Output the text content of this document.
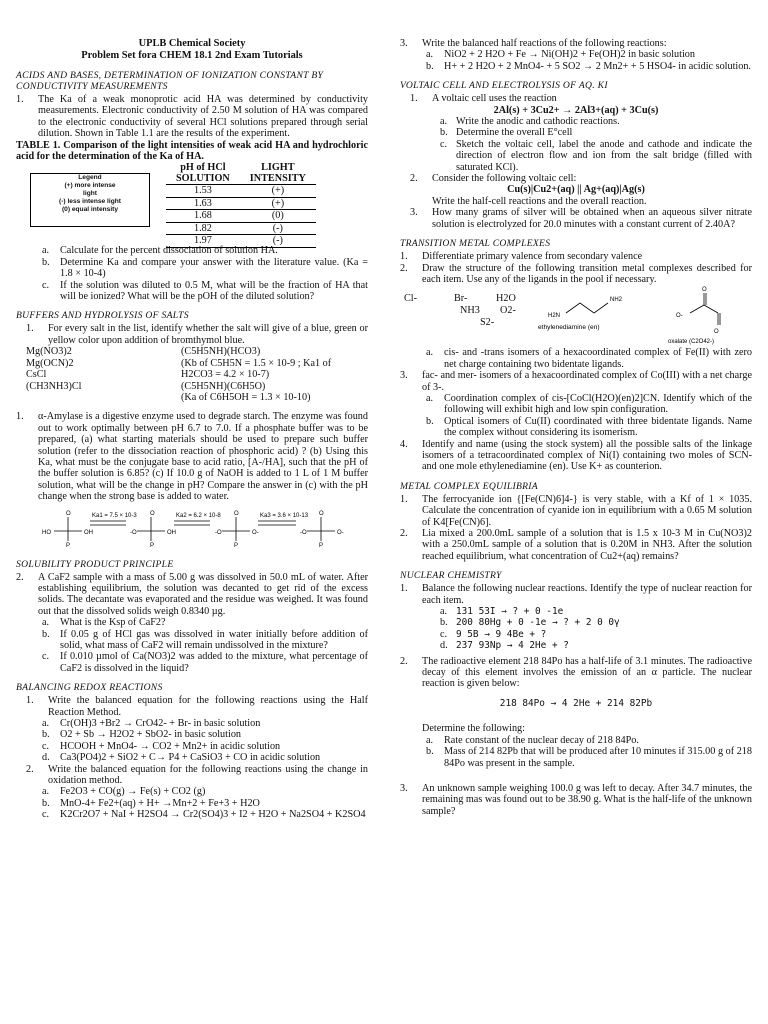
UPLB Chemical Society
Problem Set fora CHEM 18.1 2nd Exam Tutorials
ACIDS AND BASES, DETERMINATION OF IONIZATION CONSTANT BY CONDUCTIVITY MEASUREMENTS
1.	The Ka of a weak monoprotic acid HA was determined by conductivity measurements. Electronic conductivity of 2.50 M solution of HA was compared to the electronic conductivity of several HCl solutions prepared through serial dilution. Shown in Table 1.1 are the results of the experiment.
TABLE 1. Comparison of the light intensities of weak acid HA and hydrochloric acid for the determination of the Ka of HA.
Legend
(+) more intense
light
(-) less intense light
(0) equal intensity
pH of HCl	LIGHT
SOLUTION	INTENSITY
1.53	(+)
1.63	(+)
1.68	(0)
1.82	(-)
1.97	(-)
a.	Calculate for the percent dissociation of solution HA.
b.	Determine Ka and compare your answer with the literature value. (Ka = 1.8 × 10-4)
c.	If the solution was diluted to 0.5 M, what will be the fraction of HA that will be ionized? What will be the pOH of the diluted solution?
BUFFERS AND HYDROLYSIS OF SALTS
1.	For every salt in the list, identify whether the salt will give of a blue, green or yellow color upon addition of bromthymol blue.
Mg(NO3)2	(C5H5NH)(HCO3)
Mg(OCN)2	(Kb of C5H5N = 1.5 × 10-9 ; Ka1 of
CsCl	H2CO3 = 4.2 × 10-7)
(CH3NH3)Cl	(C5H5NH)(C6H5O)
(Ka of C6H5OH = 1.3 × 10-10)
1.	α-Amylase is a digestive enzyme used to degrade starch. The enzyme was found out to work optimally between pH 6.7 to 7.0. If a phosphate buffer was to be prepared, (a) what starting materials should be used to prepare such buffer solution (refer to the dissociation reaction of phosphoric acid) ? (b) Using this Ka, what must be the conjugate base to acid ratio, [A-/HA], such that the pH of the buffer solution is 6.85? (c) If 10.0 g of NaOH is added to 1 L of 1 M buffer solution, what will be the change in pH? Compare the answer in (c) with the pH change when the strong base is added to water.
O	O	O	O
P	P	P	P
HO	OH	-O	OH	-O	O-	-O	O-
Ka1 = 7.5 × 10-3	Ka2 = 6.2 × 10-8	Ka3 = 3.6 × 10-13
SOLUBILITY PRODUCT PRINCIPLE
2.	A CaF2 sample with a mass of 5.00 g was dissolved in 50.0 mL of water. After establishing equilibrium, the solution was decanted to get rid of the excess solids. The decantate was evaporated and the residue was weighed. It was found out that the dissolved solids weigh 0.8340 µg.
a.	What is the Ksp of CaF2?
b.	If 0.05 g of HCl gas was dissolved in water initially before addition of solid, what mass of CaF2 will remain undissolved in the mixture?
c.	If 0.010 µmol of Ca(NO3)2 was added to the mixture, what percentage of CaF2 is dissolved in the liquid?
BALANCING REDOX REACTIONS
1.	Write the balanced equation for the following reactions using the Half Reaction Method.
a.	Cr(OH)3 +Br2 → CrO42- + Br- in basic solution
b.	O2 + Sb → H2O2 + SbO2- in basic solution
c.	HCOOH + MnO4- → CO2 + Mn2+ in acidic solution
d.	Ca3(PO4)2 + SiO2 + C→ P4 + CaSiO3 + CO in acidic solution
2.	Write the balanced equation for the following reactions using the change in oxidation method.
a.	Fe2O3 + CO(g) → Fe(s) + CO2 (g)
b.	MnO-4+ Fe2+(aq) + H+ →Mn+2 + Fe+3 + H2O
c.	K2Cr2O7 + NaI + H2SO4 → Cr2(SO4)3 + I2 + H2O + Na2SO4 + K2SO4
3.	Write the balanced half reactions of the following reactions:
a.	NiO2 + 2 H2O + Fe → Ni(OH)2 + Fe(OH)2 in basic solution
b.	H+ + 2 H2O + 2 MnO4- + 5 SO2 → 2 Mn2+ + 5 HSO4- in acidic solution.
VOLTAIC CELL AND ELECTROLYSIS OF AQ. KI
1.	A voltaic cell uses the reaction
2Al(s) + 3Cu2+ → 2Al3+(aq) + 3Cu(s)
a. Write the anodic and cathodic reactions.
b. Determine the overall E°cell
c. Sketch the voltaic cell, label the anode and cathode and indicate the direction of electron flow and ion from the salt bridge (filled with saturated KCl).
2.	Consider the following voltaic cell:
Cu(s)|Cu2+(aq) || Ag+(aq)|Ag(s)
Write the half-cell reactions and the overall reaction.
3.	How many grams of silver will be obtained when an aqueous silver nitrate solution is electrolyzed for 20.0 minutes with a constant current of 2.40A?
TRANSITION METAL COMPLEXES
1.	Differentiate primary valence from secondary valence
2.	Draw the structure of the following transition metal complexes described for each item. Use any of the ligands in the pool if necessary.
Cl-	Br-	H2O
NH3 O2-
S2-
H2N
NH2
O-
O
O
ethylenediamine (en)
oxalate (C2O42-)
a.	cis- and -trans isomers of a hexacoordinated complex of Fe(II) with zero net charge containing two bidentate ligands.
3.	fac- and mer- isomers of a hexacoordinated complex of Co(III) with a net charge of 3-.
a.	Coordination complex of cis-[CoCl(H2O)(en)2]CN. Identify which of the following will exhibit high and low spin configuration.
b.	Optical isomers of Cu(II) coordinated with three bidentate ligands. Name the complex without considering its isomerism.
4.	Identify and name (using the stock system) all the possible salts of the linkage isomers of a tetracoordinated complex of Ni(I) containing two moles of SCN- and one mole ethylenediamine (en). Use K+ as counterion.
METAL COMPLEX EQUILIBRIA
1.	The ferrocyanide ion {[Fe(CN)6]4-} is very stable, with a Kf of 1 × 1035. Calculate the concentration of cyanide ion in equilibrium with a 0.65 M solution of K4[Fe(CN)6].
2.	Lia mixed a 200.0mL sample of a solution that is 1.5 x 10-3 M in Cu(NO3)2 with a 250.0mL sample of a solution that is 0.20M in NH3. After the solution reached equilibrium, what concentration of Cu2+(aq) remains?
NUCLEAR CHEMISTRY
1.	Balance the following nuclear reactions. Identify the type of nuclear reaction for each item.
a. 131 53I → ? + 0 -1e
b. 200 80Hg + 0 -1e → ? + 2 0 0γ
c. 9 5B → 9 4Be + ?
d. 237 93Np → 4 2He + ?
2.	The radioactive element 218 84Po has a half-life of 3.1 minutes. The radioactive decay of this element involves the emission of an α particle. The nuclear reaction is given below:
218 84Po → 4 2He + 214 82Pb
Determine the following:
a.	Rate constant of the nuclear decay of 218 84Po.
b.	Mass of 214 82Pb that will be produced after 10 minutes if 315.00 g of 218 84Po was present in the sample.
3.	An unknown sample weighing 100.0 g was left to decay. After 34.7 minutes, the remaining mas was found out to be 38.90 g. What is the half-life of the unknown sample?
